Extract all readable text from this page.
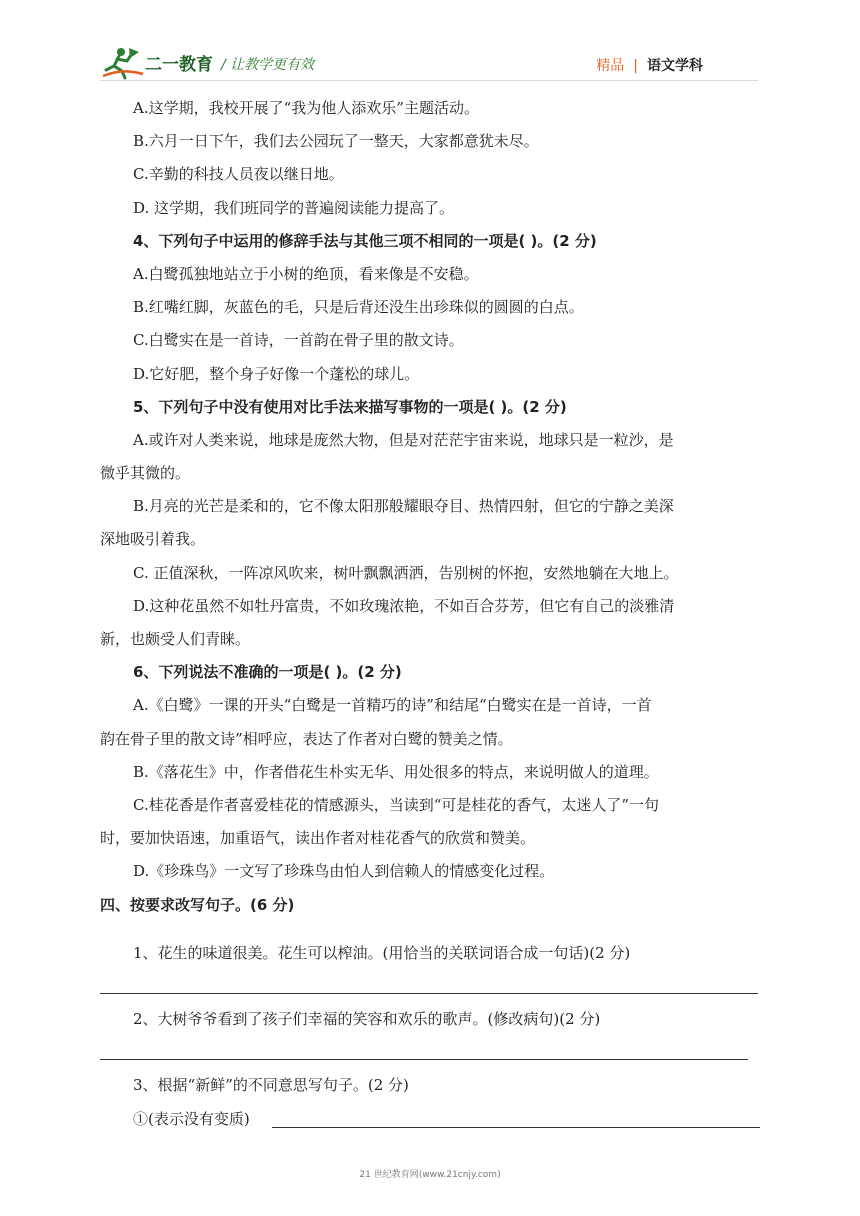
二一教育 / 让教学更有效	精品 | 语文学科
A.这学期，我校开展了“我为他人添欢乐”主题活动。
B.六月一日下午，我们去公园玩了一整天，大家都意犹未尽。
C.辛勤的科技人员夜以继日地。
D. 这学期，我们班同学的普遍阅读能力提高了。
4、下列句子中运用的修辞手法与其他三项不相同的一项是( )。(2 分)
A.白鹭孤独地站立于小树的绝顶，看来像是不安稳。
B.红嘴红脚，灰蓝色的毛，只是后背还没生出珍珠似的圆圆的白点。
C.白鹭实在是一首诗，一首韵在骨子里的散文诗。
D.它好肥，整个身子好像一个蓬松的球儿。
5、下列句子中没有使用对比手法来描写事物的一项是( )。(2 分)
A.或许对人类来说，地球是庞然大物，但是对茫茫宇宙来说，地球只是一粒沙，是
微乎其微的。
B.月亮的光芒是柔和的，它不像太阳那般耀眼夺目、热情四射，但它的宁静之美深
深地吸引着我。
C. 正值深秋，一阵凉风吹来，树叶飘飘洒洒，告别树的怀抱，安然地躺在大地上。
D.这种花虽然不如牡丹富贵，不如玫瑰浓艳，不如百合芬芳，但它有自己的淡雅清
新，也颇受人们青睐。
6、下列说法不准确的一项是( )。(2 分)
A.《白鹭》一课的开头“白鹭是一首精巧的诗”和结尾“白鹭实在是一首诗，一首
韵在骨子里的散文诗”相呼应，表达了作者对白鹭的赞美之情。
B.《落花生》中，作者借花生朴实无华、用处很多的特点，来说明做人的道理。
C.桂花香是作者喜爱桂花的情感源头，当读到“可是桂花的香气，太迷人了”一句
时，要加快语速，加重语气，读出作者对桂花香气的欣赏和赞美。
D.《珍珠鸟》一文写了珍珠鸟由怕人到信赖人的情感变化过程。
四、按要求改写句子。(6 分)
1、花生的味道很美。花生可以榨油。(用恰当的关联词语合成一句话)(2 分)
2、大树爷爷看到了孩子们幸福的笑容和欢乐的歌声。(修改病句)(2 分)
3、根据“新鲜”的不同意思写句子。(2 分)
①(表示没有变质)
21 世纪教育网(www.21cnjy.com)
